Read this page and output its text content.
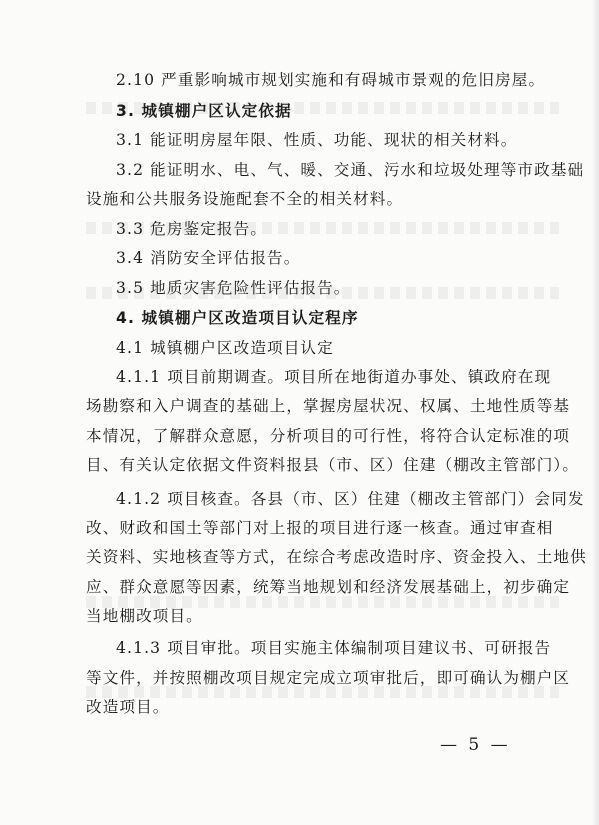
2.10 严重影响城市规划实施和有碍城市景观的危旧房屋。
3. 城镇棚户区认定依据
3.1 能证明房屋年限、性质、功能、现状的相关材料。
3.2 能证明水、电、气、暖、交通、污水和垃圾处理等市政基础
设施和公共服务设施配套不全的相关材料。
3.3 危房鉴定报告。
3.4 消防安全评估报告。
3.5 地质灾害危险性评估报告。
4. 城镇棚户区改造项目认定程序
4.1 城镇棚户区改造项目认定
4.1.1 项目前期调查。项目所在地街道办事处、镇政府在现
场勘察和入户调查的基础上，掌握房屋状况、权属、土地性质等基
本情况，了解群众意愿，分析项目的可行性，将符合认定标准的项
目、有关认定依据文件资料报县（市、区）住建（棚改主管部门）。
4.1.2 项目核查。各县（市、区）住建（棚改主管部门）会同发
改、财政和国土等部门对上报的项目进行逐一核查。通过审查相
关资料、实地核查等方式，在综合考虑改造时序、资金投入、土地供
应、群众意愿等因素，统筹当地规划和经济发展基础上，初步确定
当地棚改项目。
4.1.3 项目审批。项目实施主体编制项目建议书、可研报告
等文件，并按照棚改项目规定完成立项审批后，即可确认为棚户区
改造项目。
— 5 —
